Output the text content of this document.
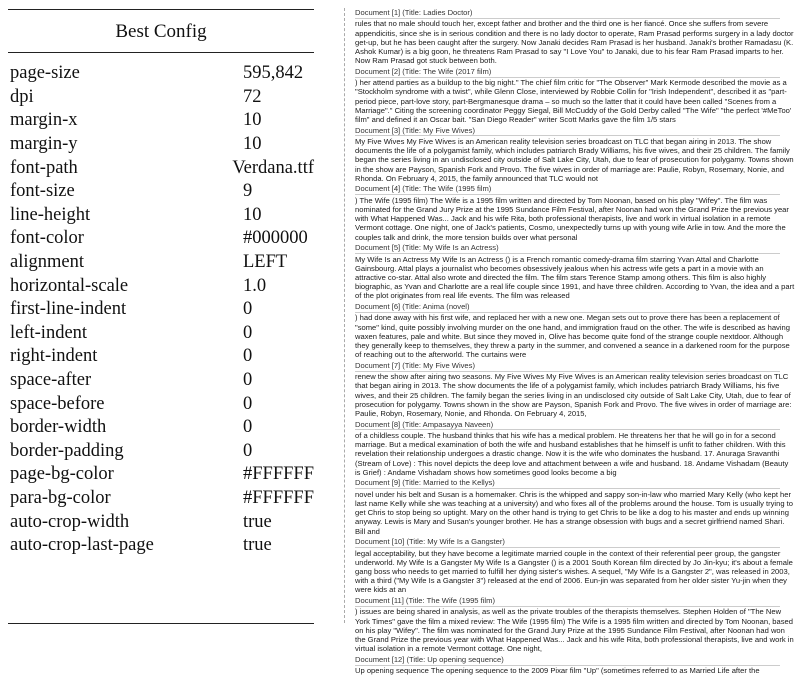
Best Config
page-size	595,842
dpi	72
margin-x	10
margin-y	10
font-path	Verdana.ttf
font-size	9
line-height	10
font-color	#000000
alignment	LEFT
horizontal-scale	1.0
first-line-indent	0
left-indent	0
right-indent	0
space-after	0
space-before	0
border-width	0
border-padding	0
page-bg-color	#FFFFFF
para-bg-color	#FFFFFF
auto-crop-width	true
auto-crop-last-page	true
Document [1] (Title: Ladies Doctor)

rules that no male should touch her, except father and brother and the third one is her fiancé. Once she suffers from severe appendicitis, since she is in serious condition and there is no lady doctor to operate, Ram Prasad performs surgery in a lady doctor get-up, but he has been caught after the surgery. Now Janaki decides Ram Prasad is her husband. Janaki's brother Ramadasu (K. Ashok Kumar) is a big goon, he threatens Ram Prasad to say "I Love You" to Janaki, due to his fear Ram Prasad imparts to her. Now Ram Prasad got stuck between both.

Document [2] (Title: The Wife (2017 film)

) her attend parties as a buildup to the big night." The chief film critic for "The Observer" Mark Kermode described the movie as a "Stockholm syndrome with a twist", while Glenn Close, interviewed by Robbie Collin for "Irish Independent", described it as "part-period piece, part-love story, part-Bergmanesque drama – so much so the latter that it could have been called "Scenes from a Marriage"." Citing the screening coordinator Peggy Siegal, Bill McCuddy of the Gold Derby called "The Wife" "the perfect '#MeToo' film" and defined it an Oscar bait. "San Diego Reader" writer Scott Marks gave the film 1/5 stars

Document [3] (Title: My Five Wives)

My Five Wives My Five Wives is an American reality television series broadcast on TLC that began airing in 2013. The show documents the life of a polygamist family, which includes patriarch Brady Williams, his five wives, and their 25 children. The family began the series living in an undisclosed city outside of Salt Lake City, Utah, due to fear of prosecution for polygamy. Towns shown in the show are Payson, Spanish Fork and Provo. The five wives in order of marriage are: Paulie, Robyn, Rosemary, Nonie, and Rhonda. On February 4, 2015, the family announced that TLC would not

Document [4] (Title: The Wife (1995 film)

) The Wife (1995 film) The Wife is a 1995 film written and directed by Tom Noonan, based on his play "Wifey". The film was nominated for the Grand Jury Prize at the 1995 Sundance Film Festival, after Noonan had won the Grand Prize the previous year with What Happened Was... Jack and his wife Rita, both professional therapists, live and work in virtual isolation in a remote Vermont cottage. One night, one of Jack's patients, Cosmo, unexpectedly turns up with young wife Arlie in tow. And the more the couples talk and drink, the more tension builds over what personal

Document [5] (Title: My Wife Is an Actress)

My Wife Is an Actress My Wife Is an Actress () is a French romantic comedy-drama film starring Yvan Attal and Charlotte Gainsbourg. Attal plays a journalist who becomes obsessively jealous when his actress wife gets a part in a movie with an attractive co-star. Attal also wrote and directed the film. The film stars Terence Stamp among others. This film is also highly biographic, as Yvan and Charlotte are a real life couple since 1991, and have three children. According to Yvan, the idea and a part of the plot originates from real life events. The film was released

Document [6] (Title: Anima (novel)

) had done away with his first wife, and replaced her with a new one. Megan sets out to prove there has been a replacement of "some" kind, quite possibly involving murder on the one hand, and immigration fraud on the other. The wife is described as having waxen features, pale and white. But since they moved in, Olive has become quite fond of the strange couple nextdoor. Although they generally keep to themselves, they threw a party in the summer, and convened a seance in a darkened room for the purpose of reaching out to the afterworld. The curtains were

Document [7] (Title: My Five Wives)

renew the show after airing two seasons. My Five Wives My Five Wives is an American reality television series broadcast on TLC that began airing in 2013. The show documents the life of a polygamist family, which includes patriarch Brady Williams, his five wives, and their 25 children. The family began the series living in an undisclosed city outside of Salt Lake City, Utah, due to fear of prosecution for polygamy. Towns shown in the show are Payson, Spanish Fork and Provo. The five wives in order of marriage are: Paulie, Robyn, Rosemary, Nonie, and Rhonda. On February 4, 2015,

Document [8] (Title: Ampasayya Naveen)

of a childless couple. The husband thinks that his wife has a medical problem. He threatens her that he will go in for a second marriage. But a medical examination of both the wife and husband establishes that he himself is unfit to father children. With this revelation their relationship undergoes a drastic change. Now it is the wife who dominates the husband. 17. Anuraga Sravanthi (Stream of Love) : This novel depicts the deep love and attachment between a wife and husband. 18. Andame Vishadam (Beauty is Grief) : Andame Vishadam shows how sometimes good looks become a big

Document [9] (Title: Married to the Kellys)

novel under his belt and Susan is a homemaker. Chris is the whipped and sappy son-in-law who married Mary Kelly (who kept her last name Kelly while she was teaching at a university) and who fixes all of the problems around the house. Tom is usually trying to get Chris to stop being so uptight. Mary on the other hand is trying to get Chris to be like a dog to his master and ends up winning anyway. Lewis is Mary and Susan's younger brother. He has a strange obsession with bugs and a secret girlfriend named Shari. Bill and

Document [10] (Title: My Wife Is a Gangster)

legal acceptability, but they have become a legitimate married couple in the context of their referential peer group, the gangster underworld. My Wife Is a Gangster My Wife Is a Gangster () is a 2001 South Korean film directed by Jo Jin-kyu; it's about a female gang boss who needs to get married to fulfill her dying sister's wishes. A sequel, "My Wife Is a Gangster 2", was released in 2003, with a third ("My Wife Is a Gangster 3") released at the end of 2006. Eun-jin was separated from her older sister Yu-jin when they were kids at an

Document [11] (Title: The Wife (1995 film)

) issues are being shared in analysis, as well as the private troubles of the therapists themselves. Stephen Holden of "The New York Times" gave the film a mixed review: The Wife (1995 film) The Wife is a 1995 film written and directed by Tom Noonan, based on his play "Wifey". The film was nominated for the Grand Jury Prize at the 1995 Sundance Film Festival, after Noonan had won the Grand Prize the previous year with What Happened Was... Jack and his wife Rita, both professional therapists, live and work in virtual isolation in a remote Vermont cottage. One night,

Document [12] (Title: Up opening sequence)

Up opening sequence The opening sequence to the 2009 Pixar film "Up" (sometimes referred to as Married Life after the
